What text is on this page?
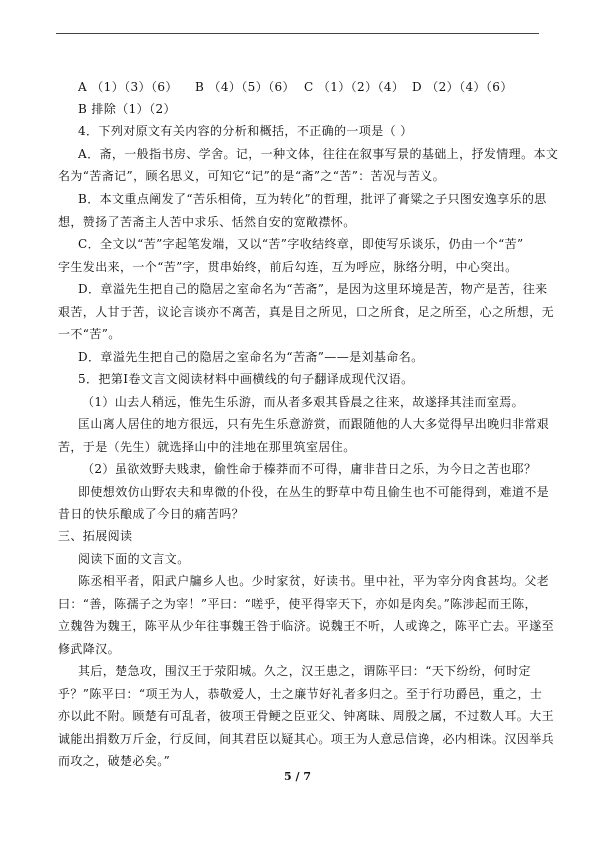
A （1）（3）（6） B （4）（5）（6） C （1）（2）（4） D （2）（4）（6）
B 排除（1）（2）
4．下列对原文有关内容的分析和概括，不正确的一项是（ ）
A．斋，一般指书房、学舍。记，一种文体，往往在叙事写景的基础上，抒发情理。本文
名为“苦斋记”，顾名思义，可知它“记”的是“斋”之“苦”：苦况与苦义。
B．本文重点阐发了“苦乐相倚，互为转化”的哲理，批评了膏粱之子只图安逸享乐的思
想，赞扬了苦斋主人苦中求乐、恬然自安的宽敞襟怀。
C．全文以“苦”字起笔发端，又以“苦”字收结终章，即使写乐谈乐，仍由一个“苦”
字生发出来，一个“苦”字，贯串始终，前后勾连，互为呼应，脉络分明，中心突出。
D．章溢先生把自己的隐居之室命名为“苦斋”，是因为这里环境是苦，物产是苦，往来
艰苦，人甘于苦，议论言谈亦不离苦，真是目之所见，口之所食，足之所至，心之所想，无
一不“苦”。
D．章溢先生把自己的隐居之室命名为“苦斋”——是刘基命名。
5．把第Ⅰ卷文言文阅读材料中画横线的句子翻译成现代汉语。
（1）山去人稍远，惟先生乐游，而从者多艰其昏晨之往来，故遂择其洼而室焉。
匡山离人居住的地方很远，只有先生乐意游赏，而跟随他的人大多觉得早出晚归非常艰
苦，于是（先生）就选择山中的洼地在那里筑室居住。
（2）虽欲效野夫贱隶，偷性命于榛莽而不可得，庸非昔日之乐，为今日之苦也耶？
即使想效仿山野农夫和卑微的仆役，在丛生的野草中苟且偷生也不可能得到，难道不是
昔日的快乐酿成了今日的痛苦吗？
三、拓展阅读
阅读下面的文言文。
陈丞相平者，阳武户牖乡人也。少时家贫，好读书。里中社，平为宰分肉食甚均。父老
曰：“善，陈孺子之为宰！”平曰：“嗟乎，使平得宰天下，亦如是肉矣。”陈涉起而王陈，
立魏咎为魏王，陈平从少年往事魏王咎于临济。说魏王不听，人或谗之，陈平亡去。平遂至
修武降汉。
其后，楚急攻，围汉王于荥阳城。久之，汉王患之，谓陈平曰：“天下纷纷，何时定
乎？”陈平曰：“项王为人，恭敬爱人，士之廉节好礼者多归之。至于行功爵邑，重之，士
亦以此不附。顾楚有可乱者，彼项王骨鲠之臣亚父、钟离昧、周殷之属，不过数人耳。大王
诚能出捐数万斤金，行反间，间其君臣以疑其心。项王为人意忌信谗，必内相诛。汉因举兵
而攻之，破楚必矣。”
5 / 7
